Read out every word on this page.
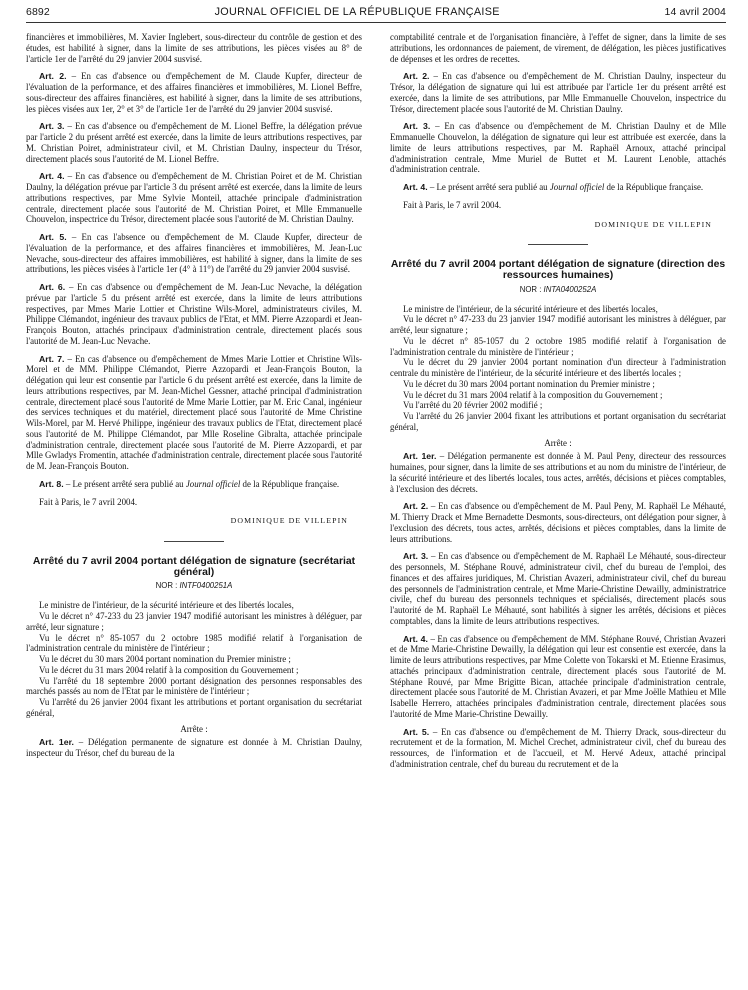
6892	JOURNAL OFFICIEL DE LA RÉPUBLIQUE FRANÇAISE	14 avril 2004

financières et immobilières, M. Xavier Inglebert, sous-directeur du contrôle de gestion et des études, est habilité à signer, dans la limite de ses attributions, les pièces visées au 8° de l'article 1er de l'arrêté du 29 janvier 2004 susvisé.

Art. 2. – En cas d'absence ou d'empêchement de M. Claude Kupfer, directeur de l'évaluation de la performance, et des affaires financières et immobilières, M. Lionel Beffre, sous-directeur des affaires financières, est habilité à signer, dans la limite de ses attributions, les pièces visées aux 1er, 2° et 3° de l'article 1er de l'arrêté du 29 janvier 2004 susvisé.

Art. 3. – En cas d'absence ou d'empêchement de M. Lionel Beffre, la délégation prévue par l'article 2 du présent arrêté est exercée, dans la limite de leurs attributions respectives, par M. Christian Poiret, administrateur civil, et M. Christian Daulny, inspecteur du Trésor, directement placés sous l'autorité de M. Lionel Beffre.

Art. 4. – En cas d'absence ou d'empêchement de M. Christian Poiret et de M. Christian Daulny, la délégation prévue par l'article 3 du présent arrêté est exercée, dans la limite de leurs attributions respectives, par Mme Sylvie Monteil, attachée principale d'administration centrale, directement placée sous l'autorité de M. Christian Poiret, et Mlle Emmanuelle Chouvelon, inspectrice du Trésor, directement placée sous l'autorité de M. Christian Daulny.

Art. 5. – En cas l'absence ou d'empêchement de M. Claude Kupfer, directeur de l'évaluation de la performance, et des affaires financières et immobilières, M. Jean-Luc Nevache, sous-directeur des affaires immobilières, est habilité à signer, dans la limite de ses attributions, les pièces visées à l'article 1er (4° à 11°) de l'arrêté du 29 janvier 2004 susvisé.

Art. 6. – En cas d'absence ou d'empêchement de M. Jean-Luc Nevache, la délégation prévue par l'article 5 du présent arrêté est exercée, dans la limite de leurs attributions respectives, par Mmes Marie Lottier et Christine Wils-Morel, administrateurs civiles, M. Philippe Clémandot, ingénieur des travaux publics de l'Etat, et MM. Pierre Azzopardi et Jean-François Bouton, attachés principaux d'administration centrale, directement placés sous l'autorité de M. Jean-Luc Nevache.

Art. 7. – En cas d'absence ou d'empêchement de Mmes Marie Lottier et Christine Wils-Morel et de MM. Philippe Clémandot, Pierre Azzopardi et Jean-François Bouton, la délégation qui leur est consentie par l'article 6 du présent arrêté est exercée, dans la limite de leurs attributions respectives, par M. Jean-Michel Gessner, attaché principal d'administration centrale, directement placé sous l'autorité de Mme Marie Lottier, par M. Eric Canal, ingénieur des services techniques et du matériel, directement placé sous l'autorité de Mme Christine Wils-Morel, par M. Hervé Philippe, ingénieur des travaux publics de l'Etat, directement placé sous l'autorité de M. Philippe Clémandot, par Mlle Roseline Gibralta, attachée principale d'administration centrale, directement placée sous l'autorité de M. Pierre Azzopardi, et par Mlle Gwladys Fromentin, attachée d'administration centrale, directement placée sous l'autorité de M. Jean-François Bouton.

Art. 8. – Le présent arrêté sera publié au Journal officiel de la République française.

Fait à Paris, le 7 avril 2004.

DOMINIQUE DE VILLEPIN

Arrêté du 7 avril 2004 portant délégation de signature (secrétariat général)
NOR : INTF0400251A

Le ministre de l'intérieur, de la sécurité intérieure et des libertés locales,

Vu le décret n° 47-233 du 23 janvier 1947 modifié autorisant les ministres à déléguer, par arrêté, leur signature ;

Vu le décret n° 85-1057 du 2 octobre 1985 modifié relatif à l'organisation de l'administration centrale du ministère de l'intérieur ;

Vu le décret du 30 mars 2004 portant nomination du Premier ministre ;

Vu le décret du 31 mars 2004 relatif à la composition du Gouvernement ;

Vu l'arrêté du 18 septembre 2000 portant désignation des personnes responsables des marchés passés au nom de l'Etat par le ministère de l'intérieur ;

Vu l'arrêté du 26 janvier 2004 fixant les attributions et portant organisation du secrétariat général,

Arrête :

Art. 1er. – Délégation permanente de signature est donnée à M. Christian Daulny, inspecteur du Trésor, chef du bureau de la

comptabilité centrale et de l'organisation financière, à l'effet de signer, dans la limite de ses attributions, les ordonnances de paiement, de virement, de délégation, les pièces justificatives de dépenses et les ordres de recettes.

Art. 2. – En cas d'absence ou d'empêchement de M. Christian Daulny, inspecteur du Trésor, la délégation de signature qui lui est attribuée par l'article 1er du présent arrêté est exercée, dans la limite de ses attributions, par Mlle Emmanuelle Chouvelon, inspectrice du Trésor, directement placée sous l'autorité de M. Christian Daulny.

Art. 3. – En cas d'absence ou d'empêchement de M. Christian Daulny et de Mlle Emmanuelle Chouvelon, la délégation de signature qui leur est attribuée est exercée, dans la limite de leurs attributions respectives, par M. Raphaël Arnoux, attaché principal d'administration centrale, Mme Muriel de Buttet et M. Laurent Lenoble, attachés d'administration centrale.

Art. 4. – Le présent arrêté sera publié au Journal officiel de la République française.

Fait à Paris, le 7 avril 2004.

DOMINIQUE DE VILLEPIN

Arrêté du 7 avril 2004 portant délégation de signature (direction des ressources humaines)
NOR : INTA0400252A

Le ministre de l'intérieur, de la sécurité intérieure et des libertés locales,

Vu le décret n° 47-233 du 23 janvier 1947 modifié autorisant les ministres à déléguer, par arrêté, leur signature ;

Vu le décret n° 85-1057 du 2 octobre 1985 modifié relatif à l'organisation de l'administration centrale du ministère de l'intérieur ;

Vu le décret du 29 janvier 2004 portant nomination d'un directeur à l'administration centrale du ministère de l'intérieur, de la sécurité intérieure et des libertés locales ;

Vu le décret du 30 mars 2004 portant nomination du Premier ministre ;

Vu le décret du 31 mars 2004 relatif à la composition du Gouvernement ;

Vu l'arrêté du 20 février 2002 modifié ;

Vu l'arrêté du 26 janvier 2004 fixant les attributions et portant organisation du secrétariat général,

Arrête :

Art. 1er. – Délégation permanente est donnée à M. Paul Peny, directeur des ressources humaines, pour signer, dans la limite de ses attributions et au nom du ministre de l'intérieur, de la sécurité intérieure et des libertés locales, tous actes, arrêtés, décisions et pièces comptables, à l'exclusion des décrets.

Art. 2. – En cas d'absence ou d'empêchement de M. Paul Peny, M. Raphaël Le Méhauté, M. Thierry Drack et Mme Bernadette Desmonts, sous-directeurs, ont délégation pour signer, à l'exclusion des décrets, tous actes, arrêtés, décisions et pièces comptables, dans la limite de leurs attributions.

Art. 3. – En cas d'absence ou d'empêchement de M. Raphaël Le Méhauté, sous-directeur des personnels, M. Stéphane Rouvé, administrateur civil, chef du bureau de l'emploi, des finances et des affaires juridiques, M. Christian Avazeri, administrateur civil, chef du bureau des personnels de l'administration centrale, et Mme Marie-Christine Dewailly, administratrice civile, chef du bureau des personnels techniques et spécialisés, directement placés sous l'autorité de M. Raphaël Le Méhauté, sont habilités à signer les arrêtés, décisions et pièces comptables, dans la limite de leurs attributions respectives.

Art. 4. – En cas d'absence ou d'empêchement de MM. Stéphane Rouvé, Christian Avazeri et de Mme Marie-Christine Dewailly, la délégation qui leur est consentie est exercée, dans la limite de leurs attributions respectives, par Mme Colette von Tokarski et M. Etienne Erasimus, attachés principaux d'administration centrale, directement placés sous l'autorité de M. Stéphane Rouvé, par Mme Brigitte Bican, attachée principale d'administration centrale, directement placée sous l'autorité de M. Christian Avazeri, et par Mme Joëlle Mathieu et Mlle Isabelle Herrero, attachées principales d'administration centrale, directement placées sous l'autorité de Mme Marie-Christine Dewailly.

Art. 5. – En cas d'absence ou d'empêchement de M. Thierry Drack, sous-directeur du recrutement et de la formation, M. Michel Crechet, administrateur civil, chef du bureau des ressources, de l'information et de l'accueil, et M. Hervé Adeux, attaché principal d'administration centrale, chef du bureau du recrutement et de la
